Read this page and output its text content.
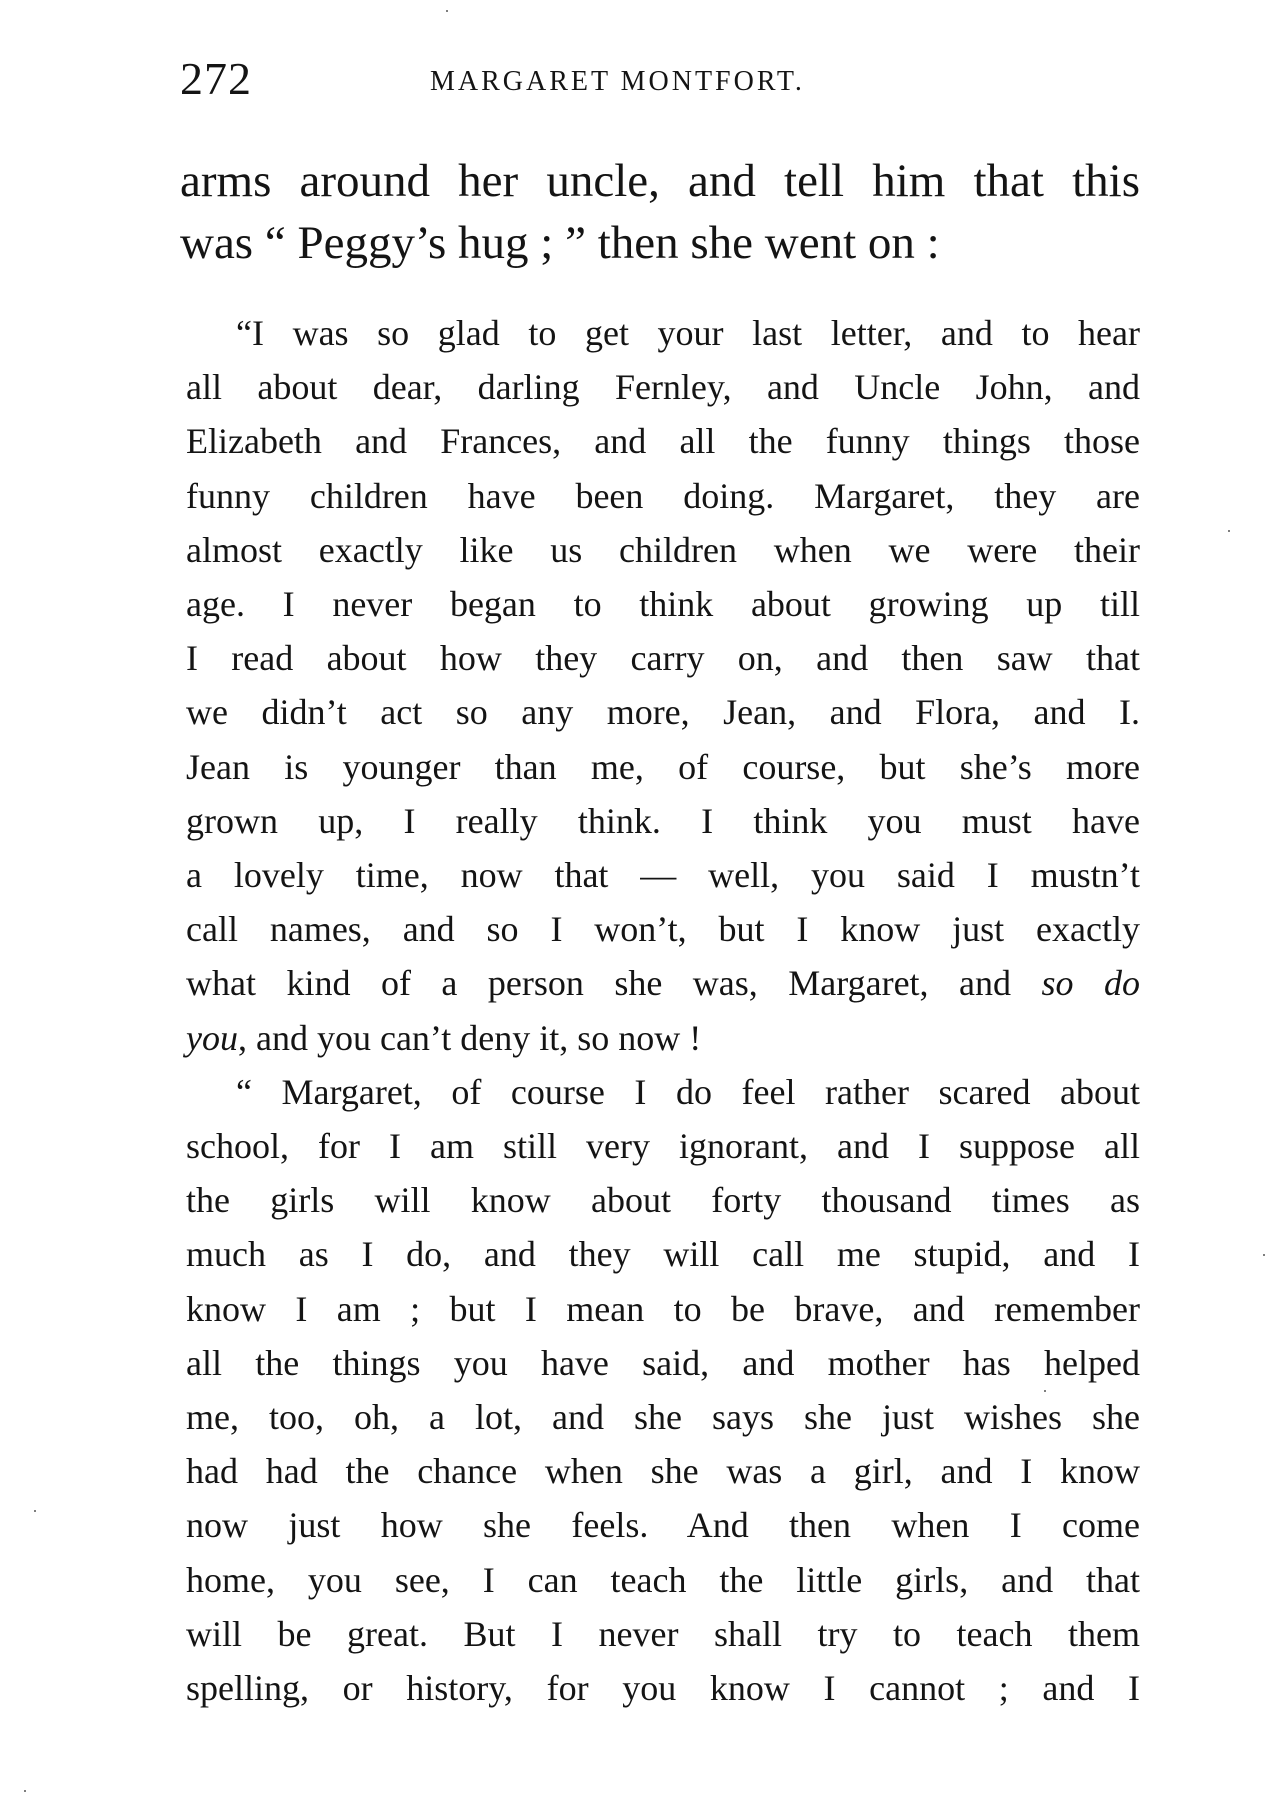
272	MARGARET MONTFORT.
arms around her uncle, and tell him that this
was “ Peggy’s hug ; ” then she went on :
“I was so glad to get your last letter, and to hear
all about dear, darling Fernley, and Uncle John, and
Elizabeth and Frances, and all the funny things those
funny children have been doing. Margaret, they are
almost exactly like us children when we were their
age. I never began to think about growing up till
I read about how they carry on, and then saw that
we didn’t act so any more, Jean, and Flora, and I.
Jean is younger than me, of course, but she’s more
grown up, I really think. I think you must have
a lovely time, now that — well, you said I mustn’t
call names, and so I won’t, but I know just exactly
what kind of a person she was, Margaret, and so do
you, and you can’t deny it, so now !
“ Margaret, of course I do feel rather scared about
school, for I am still very ignorant, and I suppose all
the girls will know about forty thousand times as
much as I do, and they will call me stupid, and I
know I am ; but I mean to be brave, and remember
all the things you have said, and mother has helped
me, too, oh, a lot, and she says she just wishes she
had had the chance when she was a girl, and I know
now just how she feels. And then when I come
home, you see, I can teach the little girls, and that
will be great. But I never shall try to teach them
spelling, or history, for you know I cannot ; and I
